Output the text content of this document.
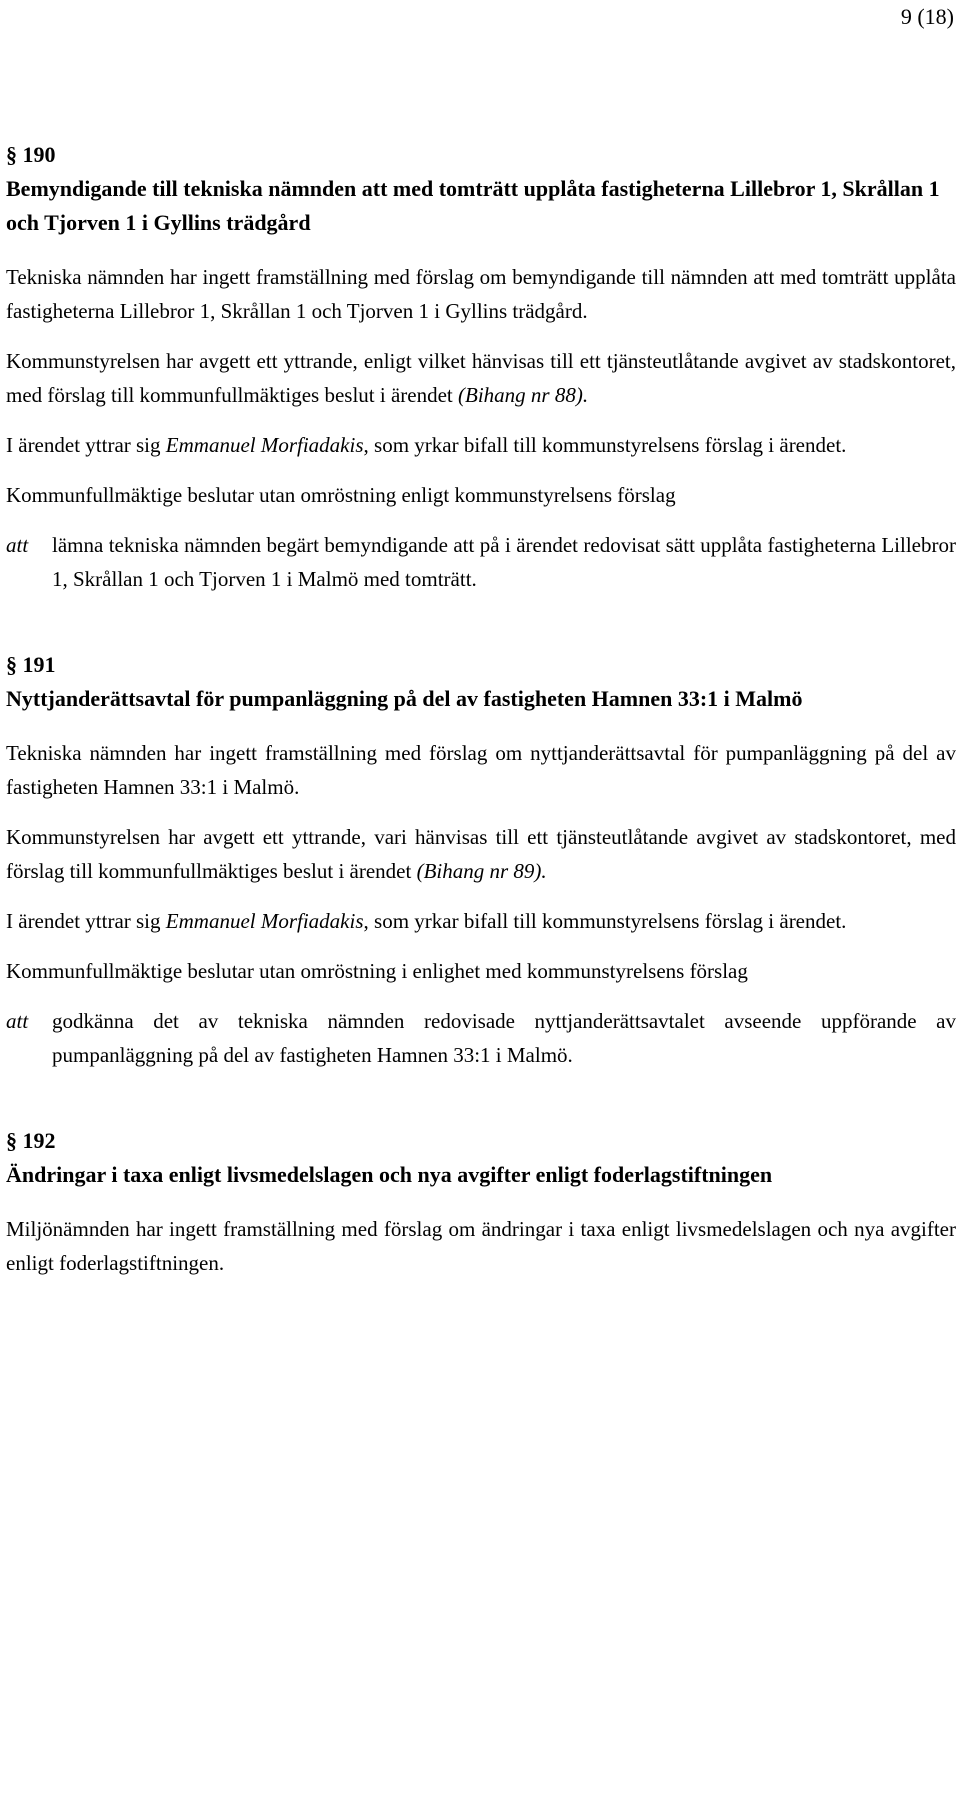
9 (18)
§ 190
Bemyndigande till tekniska nämnden att med tomträtt upplåta fastigheterna Lillebror 1, Skrållan 1 och Tjorven 1 i Gyllins trädgård

Tekniska nämnden har ingett framställning med förslag om bemyndigande till nämnden att med tomträtt upplåta fastigheterna Lillebror 1, Skrållan 1 och Tjorven 1 i Gyllins trädgård.

Kommunstyrelsen har avgett ett yttrande, enligt vilket hänvisas till ett tjänsteutlåtande avgivet av stadskontoret, med förslag till kommunfullmäktiges beslut i ärendet (Bihang nr 88).

I ärendet yttrar sig Emmanuel Morfiadakis, som yrkar bifall till kommunstyrelsens förslag i ärendet.

Kommunfullmäktige beslutar utan omröstning enligt kommunstyrelsens förslag

att	lämna tekniska nämnden begärt bemyndigande att på i ärendet redovisat sätt upplåta fastigheterna Lillebror 1, Skrållan 1 och Tjorven 1 i Malmö med tomträtt.
§ 191
Nyttjanderättsavtal för pumpanläggning på del av fastigheten Hamnen 33:1 i Malmö

Tekniska nämnden har ingett framställning med förslag om nyttjanderättsavtal för pumpanläggning på del av fastigheten Hamnen 33:1 i Malmö.

Kommunstyrelsen har avgett ett yttrande, vari hänvisas till ett tjänsteutlåtande avgivet av stadskontoret, med förslag till kommunfullmäktiges beslut i ärendet (Bihang nr 89).

I ärendet yttrar sig Emmanuel Morfiadakis, som yrkar bifall till kommunstyrelsens förslag i ärendet.

Kommunfullmäktige beslutar utan omröstning i enlighet med kommunstyrelsens förslag

att	godkänna det av tekniska nämnden redovisade nyttjanderättsavtalet avseende uppförande av pumpanläggning på del av fastigheten Hamnen 33:1 i Malmö.
§ 192
Ändringar i taxa enligt livsmedelslagen och nya avgifter enligt foderlagstiftningen

Miljönämnden har ingett framställning med förslag om ändringar i taxa enligt livsmedelslagen och nya avgifter enligt foderlagstiftningen.
